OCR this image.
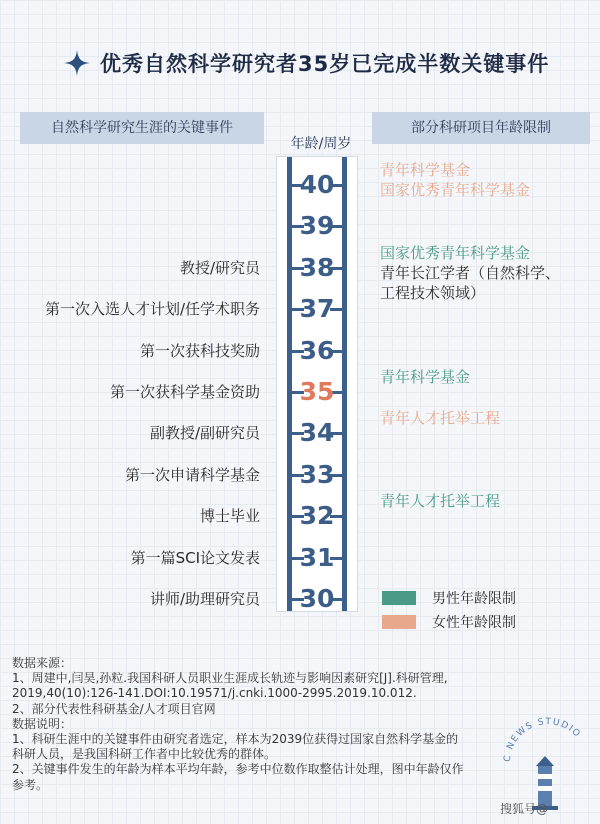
优秀自然科学研究者35岁已完成半数关键事件
自然科学研究生涯的关键事件	部分科研项目年龄限制
年龄/周岁
40
39
38
37
36
35
34
33
32
31
30
教授/研究员
第一次入选人才计划/任学术职务
第一次获科技奖励
第一次获科学基金资助
副教授/副研究员
第一次申请科学基金
博士毕业
第一篇SCI论文发表
讲师/助理研究员
青年科学基金
国家优秀青年科学基金
国家优秀青年科学基金
青年长江学者（自然科学、
工程技术领域）
青年科学基金
青年人才托举工程
青年人才托举工程
男性年龄限制
女性年龄限制
数据来源：
1、周建中,闫昊,孙粒.我国科研人员职业生涯成长轨迹与影响因素研究[J].科研管理,
2019,40(10):126-141.DOI:10.19571/j.cnki.1000-2995.2019.10.012.
2、部分代表性科研基金/人才项目官网
数据说明：
1、科研生涯中的关键事件由研究者选定，样本为2039位获得过国家自然科学基金的
科研人员，是我国科研工作者中比较优秀的群体。
2、关键事件发生的年龄为样本平均年龄，参考中位数作取整估计处理，图中年龄仅作
参考。
C NEWS STUDIO
搜狐号@
